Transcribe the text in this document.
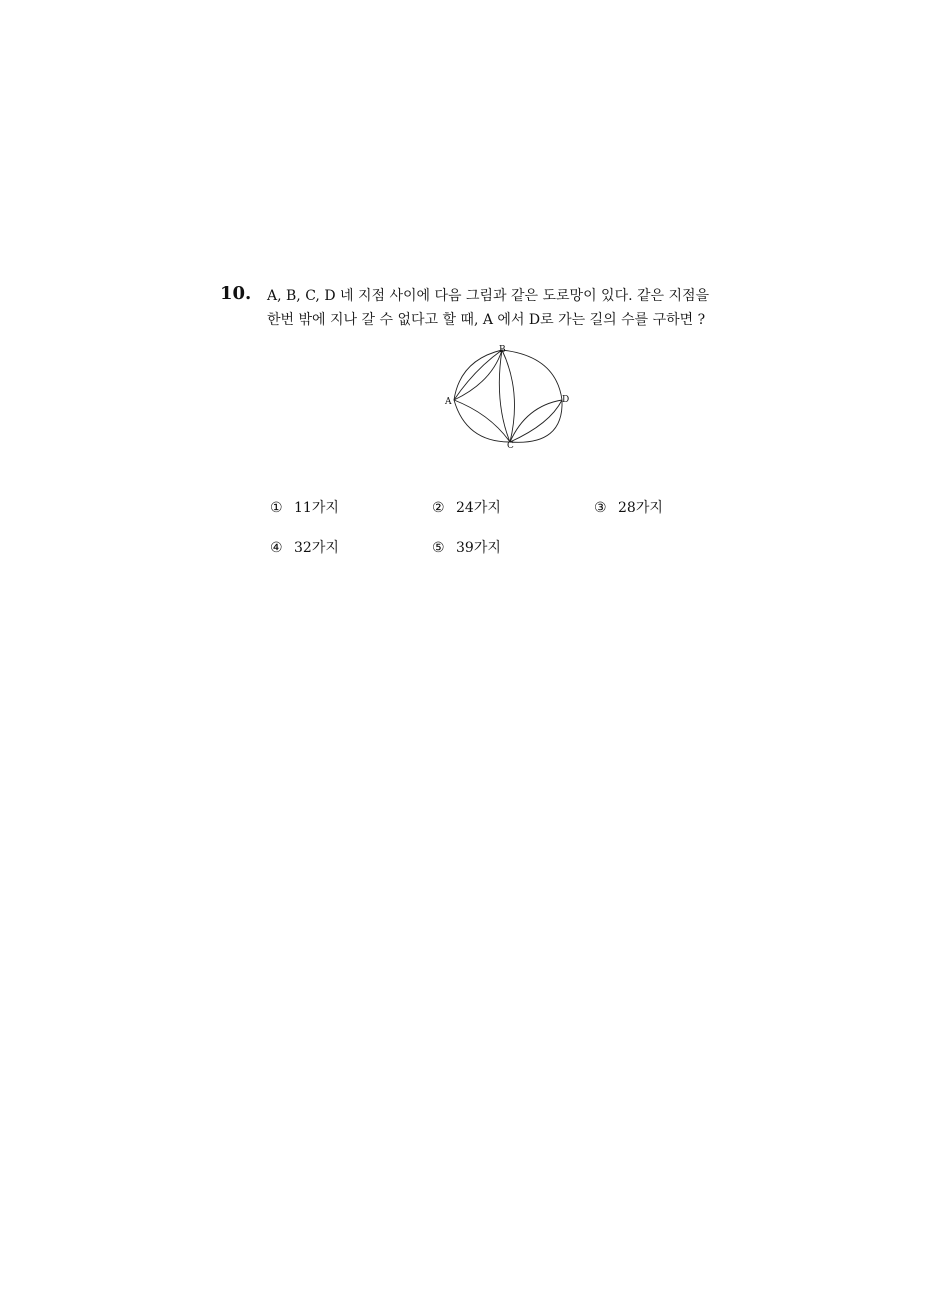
10. A, B, C, D 네 지점 사이에 다음 그림과 같은 도로망이 있다. 같은 지점을
한번 밖에 지나 갈 수 없다고 할 때, A 에서 D로 가는 길의 수를 구하면 ?
A
B
C
D
① 11가지	② 24가지	③ 28가지
④ 32가지	⑤ 39가지
